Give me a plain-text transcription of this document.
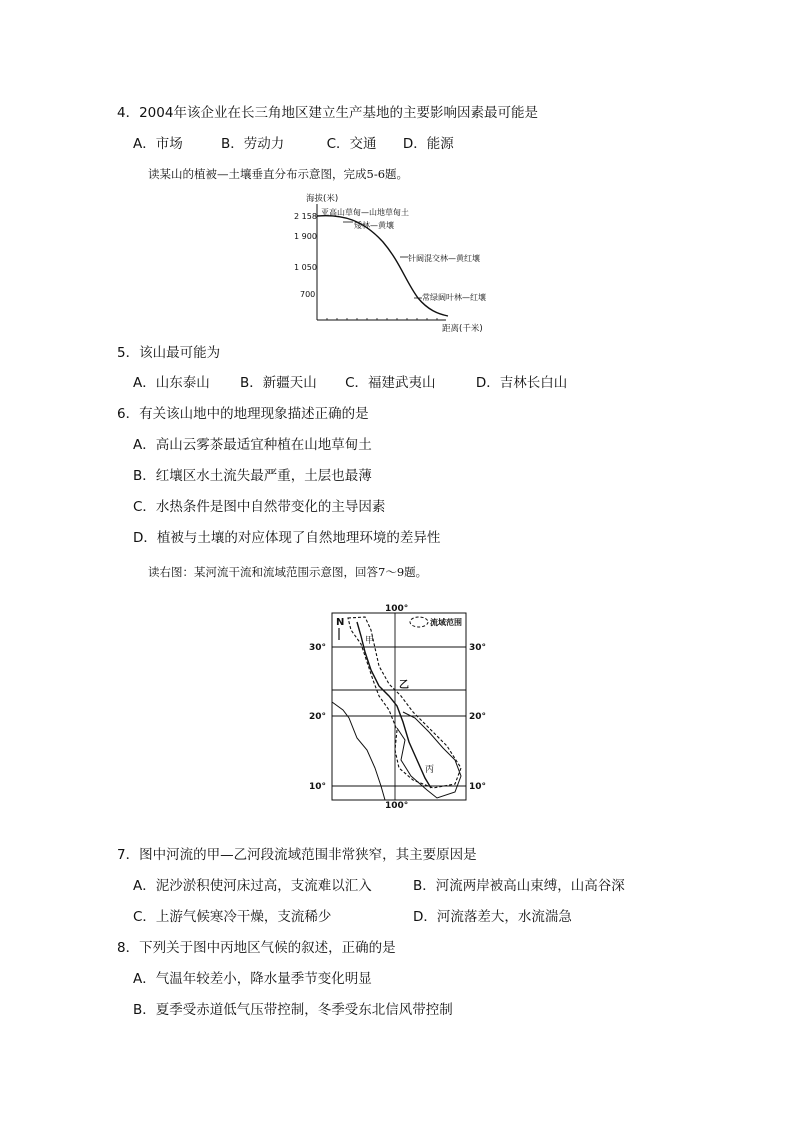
4．2004年该企业在长三角地区建立生产基地的主要影响因素最可能是
A．市场	B．劳动力	C．交通 D．能源
读某山的植被—土壤垂直分布示意图，完成5-6题。
海拔(米)
距离(千米)
2 158
1 900
1 050
700
亚高山草甸—山地草甸土
矮林—黄壤
针阔混交林—黄红壤
常绿阔叶林—红壤
5．该山最可能为
A．山东泰山 B．新疆天山 C．福建武夷山	D．吉林长白山
6．有关该山地中的地理现象描述正确的是
A．高山云雾茶最适宜种植在山地草甸土
B．红壤区水土流失最严重，土层也最薄
C．水热条件是图中自然带变化的主导因素
D．植被与土壤的对应体现了自然地理环境的差异性
读右图：某河流干流和流域范围示意图，回答7～9题。
100°
30°	30°
20°	20°
10°	10°
100°
N	流域范围
甲
乙
丙
7．图中河流的甲—乙河段流域范围非常狭窄，其主要原因是
A．泥沙淤积使河床过高，支流难以汇入	B．河流两岸被高山束缚，山高谷深
C．上游气候寒冷干燥，支流稀少	D．河流落差大，水流湍急
8．下列关于图中丙地区气候的叙述，正确的是
A．气温年较差小，降水量季节变化明显
B．夏季受赤道低气压带控制，冬季受东北信风带控制
